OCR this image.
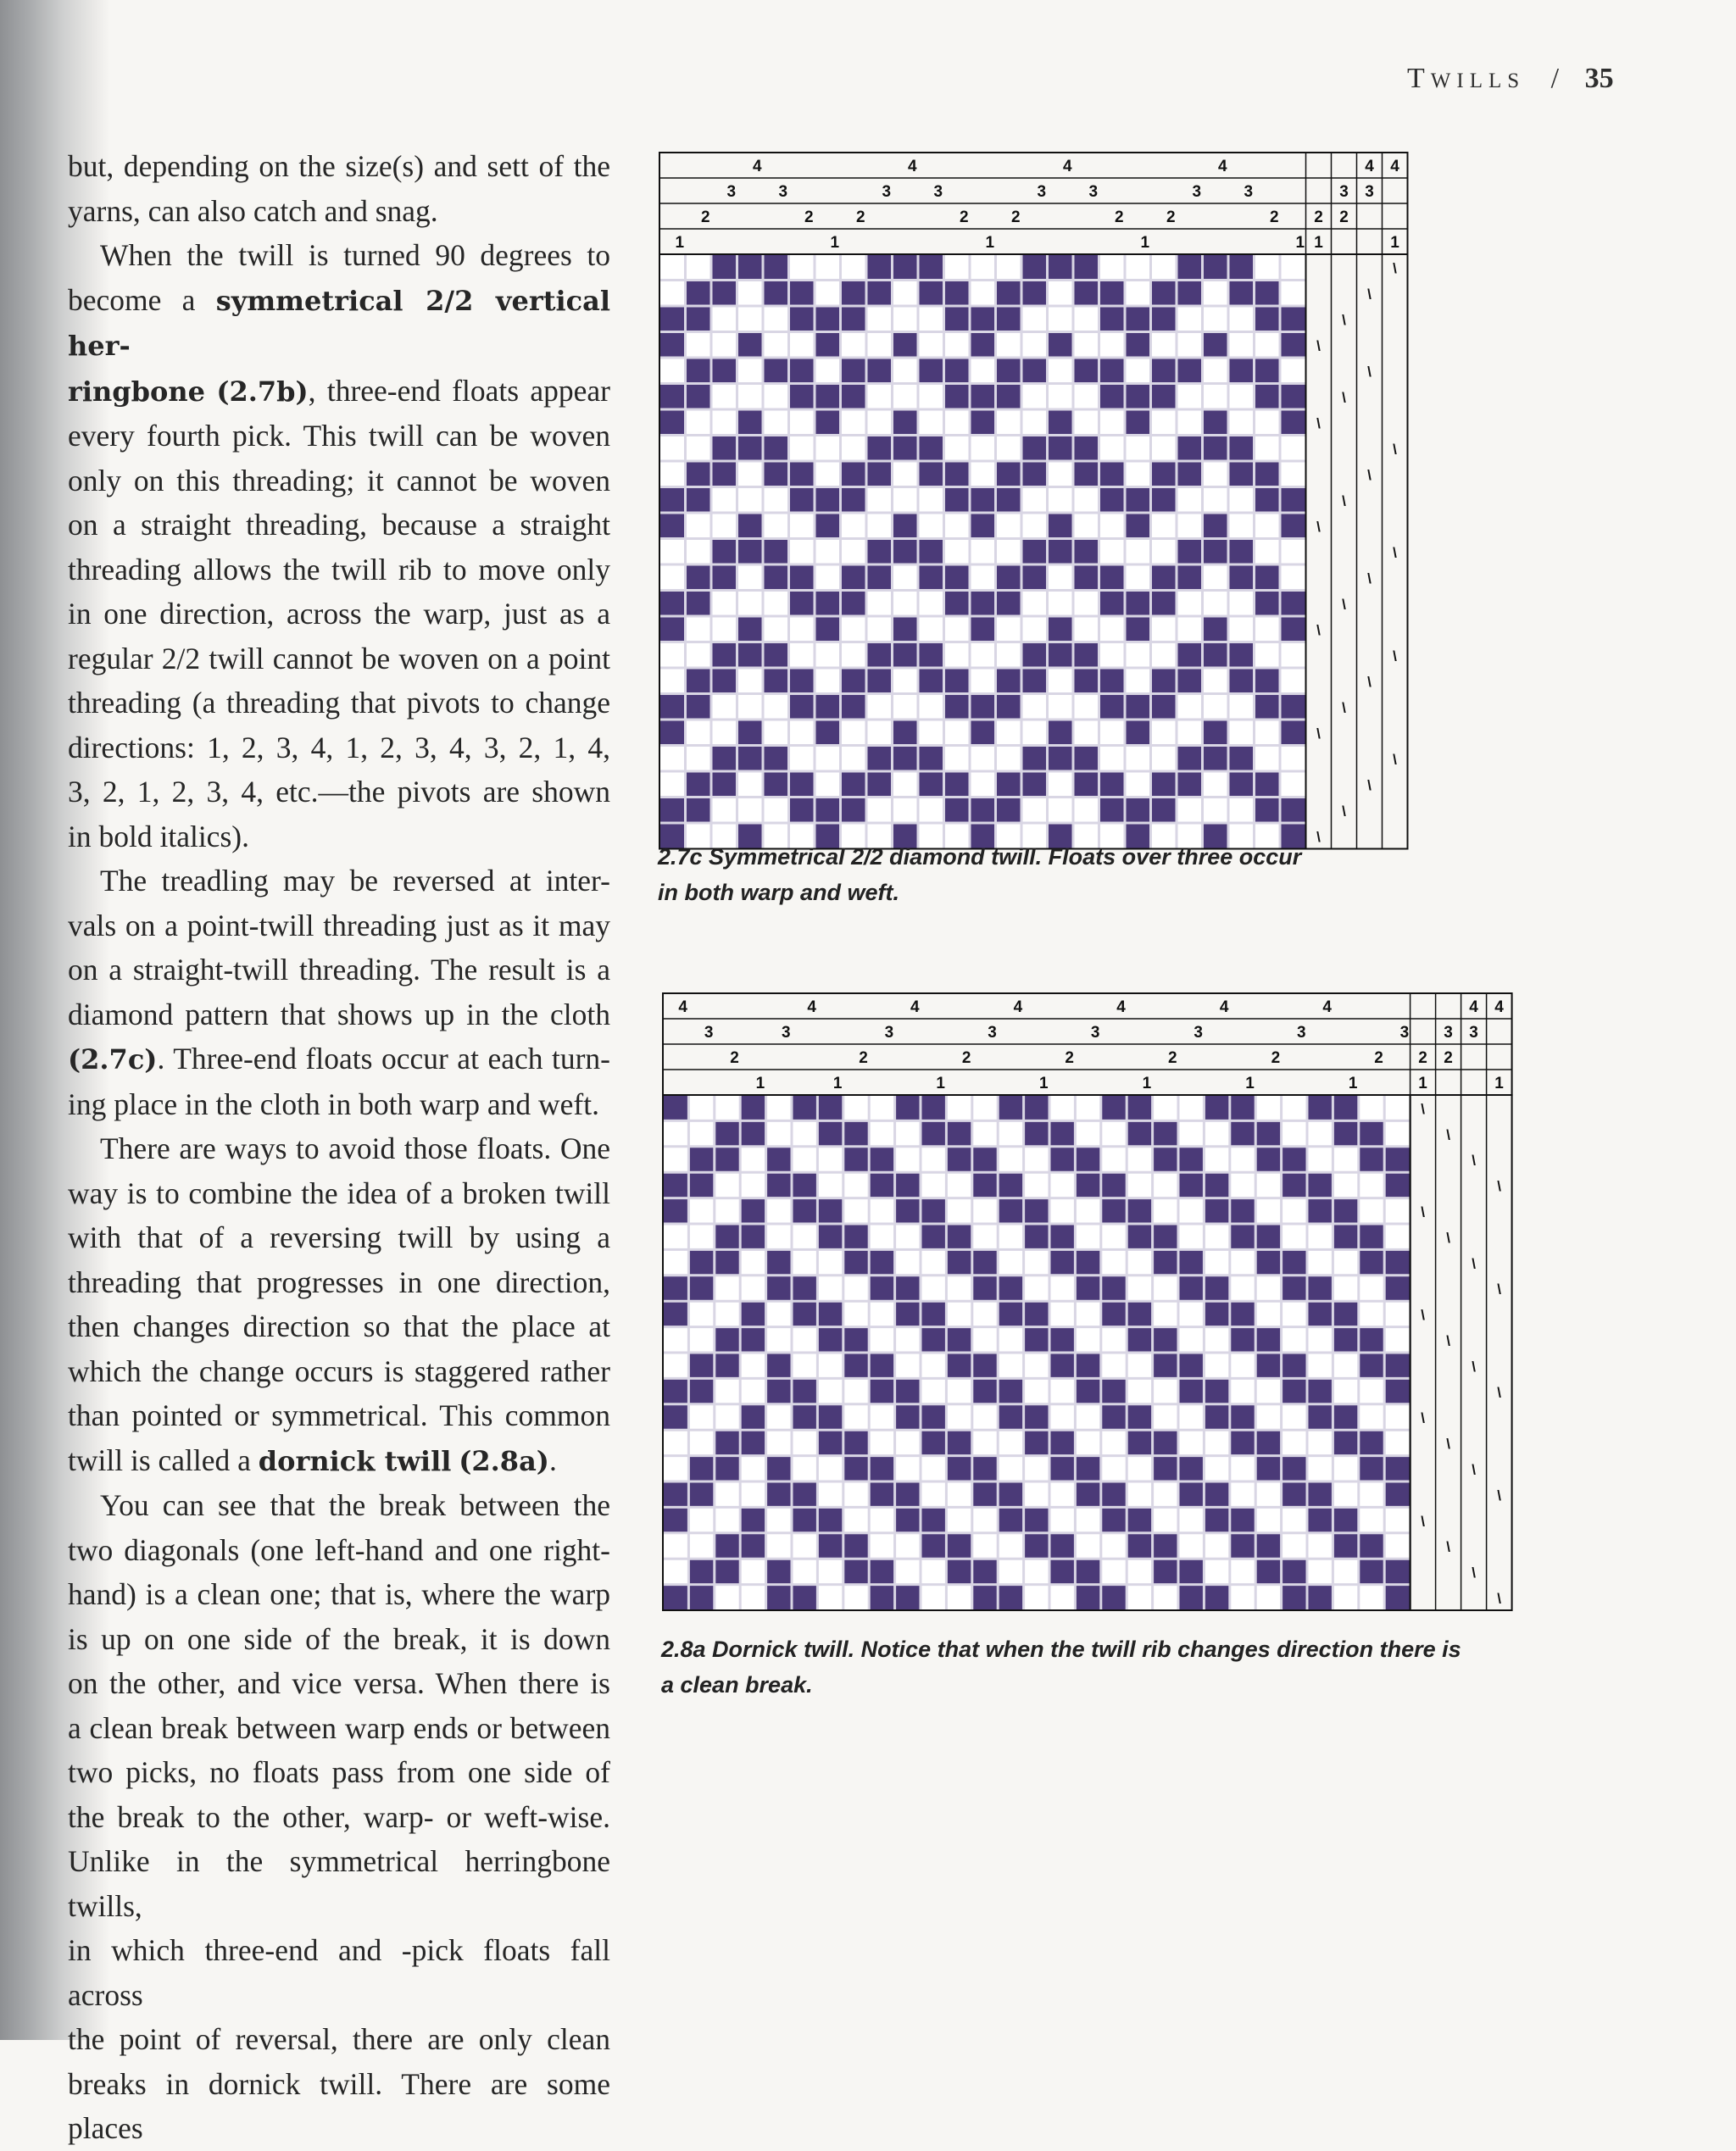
TWILLS / 35

but, depending on the size(s) and sett of the

yarns, can also catch and snag.

When the twill is turned 90 degrees to

become a symmetrical 2/2 vertical her-

ringbone (2.7b), three-end floats appear

every fourth pick. This twill can be woven

only on this threading; it cannot be woven

on a straight threading, because a straight

threading allows the twill rib to move only

in one direction, across the warp, just as a

regular 2/2 twill cannot be woven on a point

threading (a threading that pivots to change

directions: 1, 2, 3, 4, 1, 2, 3, 4, 3, 2, 1, 4,

3, 2, 1, 2, 3, 4, etc.—the pivots are shown

in bold italics).

The treadling may be reversed at inter-

vals on a point-twill threading just as it may

on a straight-twill threading. The result is a

diamond pattern that shows up in the cloth

(2.7c). Three-end floats occur at each turn-

ing place in the cloth in both warp and weft.

There are ways to avoid those floats. One

way is to combine the idea of a broken twill

with that of a reversing twill by using a

threading that progresses in one direction,

then changes direction so that the place at

which the change occurs is staggered rather

than pointed or symmetrical. This common

twill is called a dornick twill (2.8a).

You can see that the break between the

two diagonals (one left-hand and one right-

hand) is a clean one; that is, where the warp

is up on one side of the break, it is down

on the other, and vice versa. When there is

a clean break between warp ends or between

two picks, no floats pass from one side of

the break to the other, warp- or weft-wise.

Unlike in the symmetrical herringbone twills,

in which three-end and -pick floats fall across

the point of reversal, there are only clean

breaks in dornick twill. There are some places

1
2
3
4
3
2
1
2
3
4
3
2
1
2
3
4
3
2
1
2
3
4
3
2
1
4 4
3 3
2 2
1	1
\
\
\
\
\
\
\
\
\
\
\
\
\
\
\
\
\
\
\
\
\
\
\
2.7c Symmetrical 2/2 diamond twill. Floats over three occur
in both warp and weft.
4
3
2
1
3
4
1
2
3
4
1
2
3
4
1
2
3
4
1
2
3
4
1
2
3
4
1
2
3
4 4
3 3
2 2
1	1
\
\
\
\
\
\
\
\
\
\
\
\
\
\
\
\
\
\
\
\
2.8a Dornick twill. Notice that when the twill rib changes direction there is
a clean break.
